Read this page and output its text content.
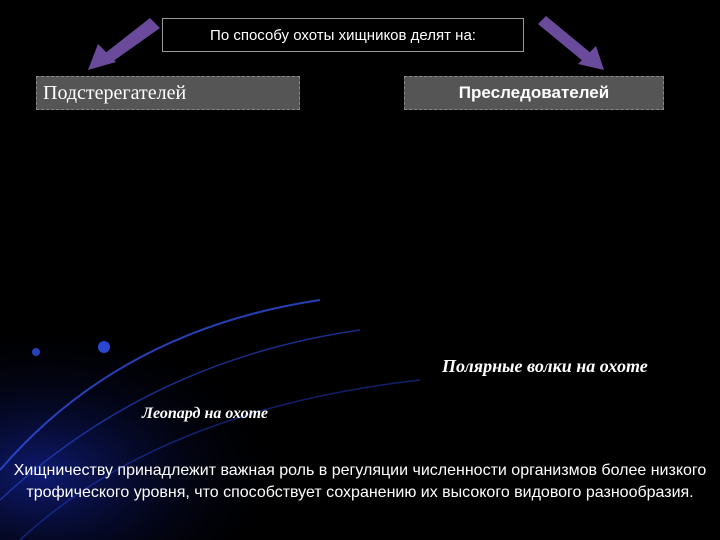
По способу охоты хищников делят на:
Подстерегателей	Преследователей
Полярные волки на охоте
Леопард на охоте
Хищничеству принадлежит важная роль в регуляции численности организмов более низкого трофического уровня, что способствует сохранению их высокого видового разнообразия.
